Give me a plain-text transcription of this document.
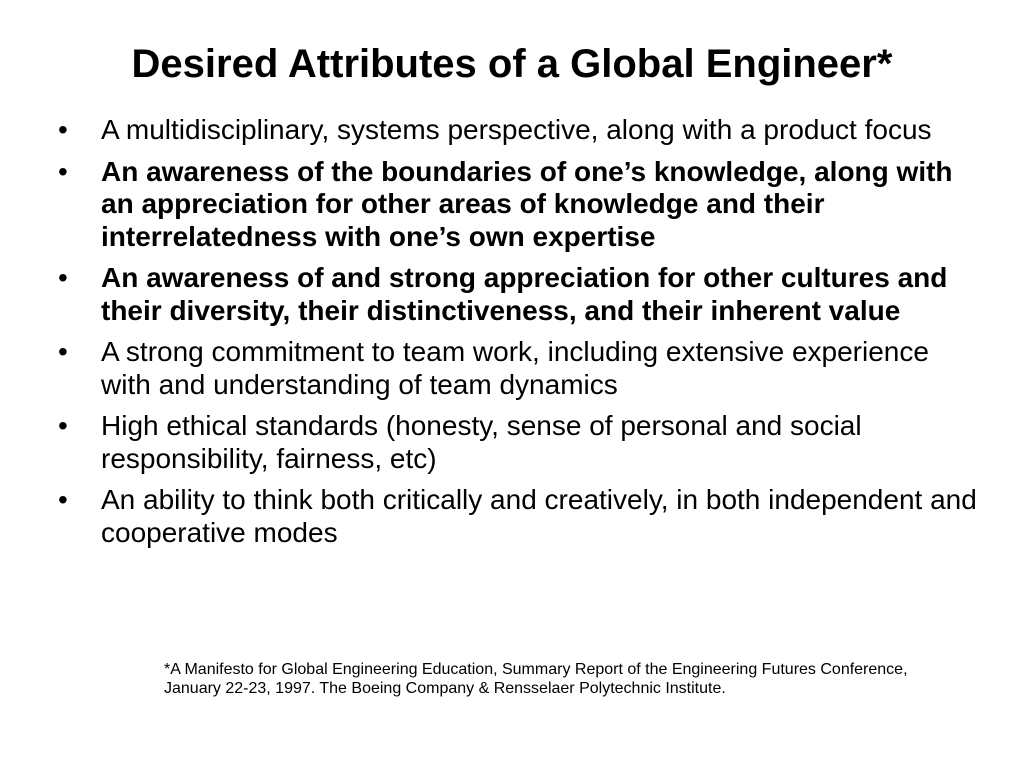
Desired Attributes of a Global Engineer*
• A multidisciplinary, systems perspective, along with a product focus
• An awareness of the boundaries of one’s knowledge, along with an appreciation for other areas of knowledge and their interrelatedness with one’s own expertise
• An awareness of and strong appreciation for other cultures and their diversity, their distinctiveness, and their inherent value
• A strong commitment to team work, including extensive experience with and understanding of team dynamics
• High ethical standards (honesty, sense of personal and social responsibility, fairness, etc)
• An ability to think both critically and creatively, in both independent and cooperative modes

*A Manifesto for Global Engineering Education, Summary Report of the Engineering Futures Conference, January 22-23, 1997. The Boeing Company & Rensselaer Polytechnic Institute.
